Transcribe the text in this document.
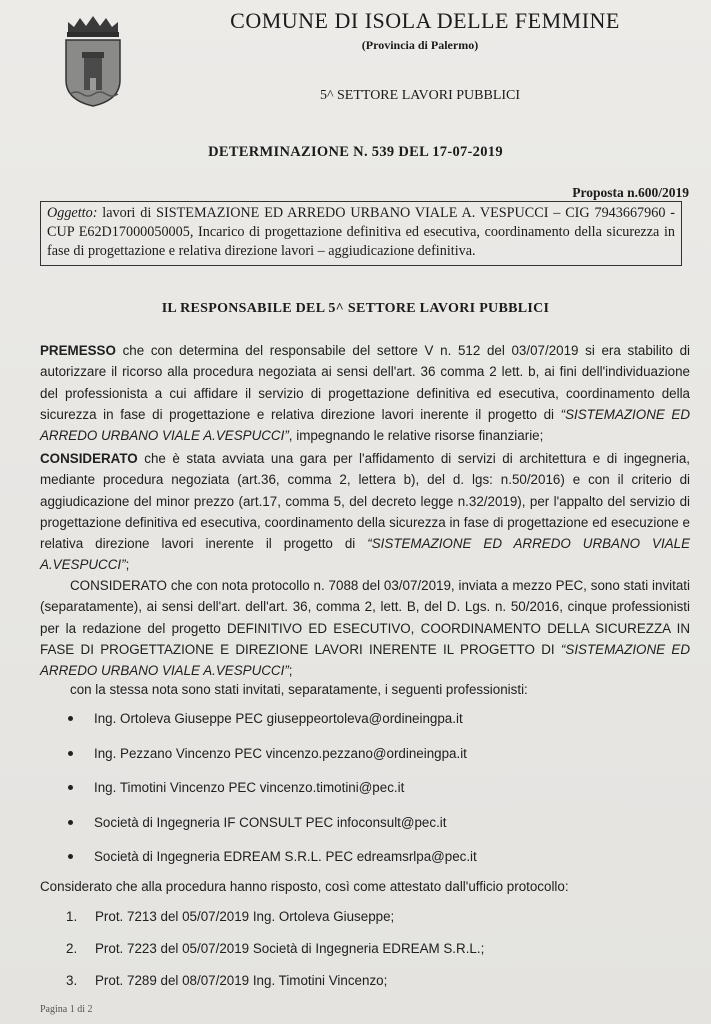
COMUNE DI ISOLA DELLE FEMMINE
(Provincia di Palermo)
5^ SETTORE LAVORI PUBBLICI
DETERMINAZIONE N. 539 DEL 17-07-2019
Proposta n.600/2019
Oggetto: lavori di SISTEMAZIONE ED ARREDO URBANO VIALE A. VESPUCCI – CIG 7943667960 - CUP E62D17000050005, Incarico di progettazione definitiva ed esecutiva, coordinamento della sicurezza in fase di progettazione e relativa direzione lavori – aggiudicazione definitiva.
IL RESPONSABILE DEL 5^ SETTORE LAVORI PUBBLICI
PREMESSO che con determina del responsabile del settore V n. 512 del 03/07/2019 si era stabilito di autorizzare il ricorso alla procedura negoziata ai sensi dell'art. 36 comma 2 lett. b, ai fini dell'individuazione del professionista a cui affidare il servizio di progettazione definitiva ed esecutiva, coordinamento della sicurezza in fase di progettazione e relativa direzione lavori inerente il progetto di “SISTEMAZIONE ED ARREDO URBANO VIALE A.VESPUCCI”, impegnando le relative risorse finanziarie;
CONSIDERATO che è stata avviata una gara per l'affidamento di servizi di architettura e di ingegneria, mediante procedura negoziata (art.36, comma 2, lettera b), del d. lgs: n.50/2016) e con il criterio di aggiudicazione del minor prezzo (art.17, comma 5, del decreto legge n.32/2019), per l'appalto del servizio di progettazione definitiva ed esecutiva, coordinamento della sicurezza in fase di progettazione ed esecuzione e relativa direzione lavori inerente il progetto di “SISTEMAZIONE ED ARREDO URBANO VIALE A.VESPUCCI”;
CONSIDERATO che con nota protocollo n. 7088 del 03/07/2019, inviata a mezzo PEC, sono stati invitati (separatamente), ai sensi dell'art. dell'art. 36, comma 2, lett. B, del D. Lgs. n. 50/2016, cinque professionisti per la redazione del progetto DEFINITIVO ED ESECUTIVO, COORDINAMENTO DELLA SICUREZZA IN FASE DI PROGETTAZIONE E DIREZIONE LAVORI INERENTE IL PROGETTO DI “SISTEMAZIONE ED ARREDO URBANO VIALE A.VESPUCCI”;
con la stessa nota sono stati invitati, separatamente, i seguenti professionisti:
Ing. Ortoleva Giuseppe PEC giuseppeortoleva@ordineingpa.it
Ing. Pezzano Vincenzo PEC vincenzo.pezzano@ordineingpa.it
Ing. Timotini Vincenzo PEC vincenzo.timotini@pec.it
Società di Ingegneria IF CONSULT PEC infoconsult@pec.it
Società di Ingegneria EDREAM S.R.L. PEC edreamsrlpa@pec.it
Considerato che alla procedura hanno risposto, così come attestato dall'ufficio protocollo:
1. Prot. 7213 del 05/07/2019 Ing. Ortoleva Giuseppe;
2. Prot. 7223 del 05/07/2019 Società di Ingegneria EDREAM S.R.L.;
3. Prot. 7289 del 08/07/2019 Ing. Timotini Vincenzo;
Pagina 1 di 2
